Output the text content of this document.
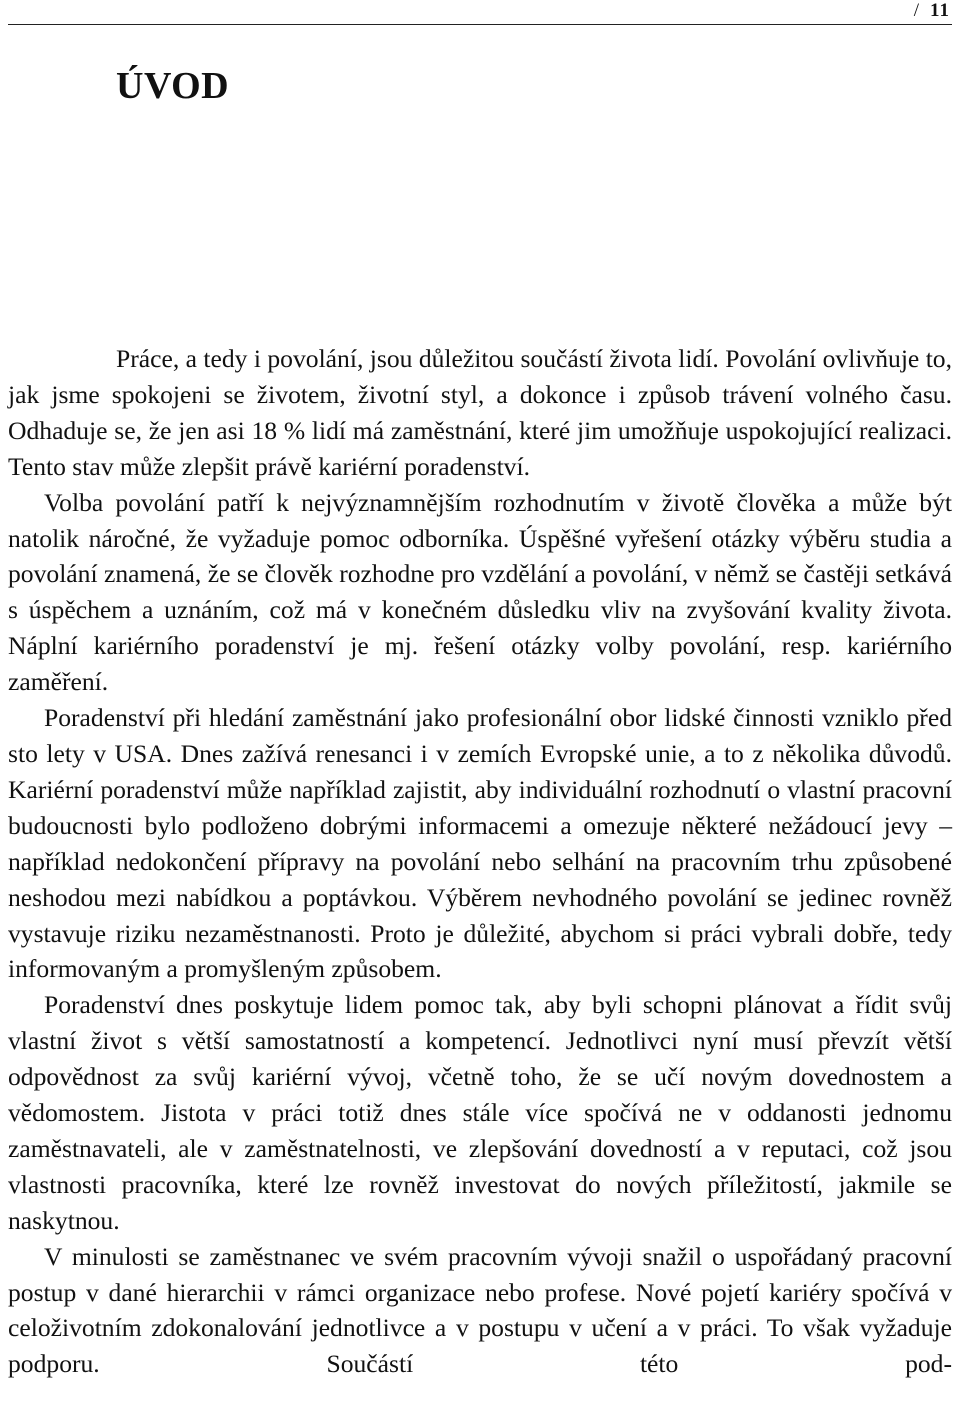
/ 11
ÚVOD

Práce, a tedy i povolání, jsou důležitou součástí života lidí. Povolání ovlivňuje to, jak jsme spokojeni se životem, životní styl, a dokonce i způsob trávení volného času. Odhaduje se, že jen asi 18 % lidí má zaměstnání, které jim umožňuje uspokojující realizaci. Tento stav může zlepšit právě kariérní poradenství.

Volba povolání patří k nejvýznamnějším rozhodnutím v životě člověka a může být natolik náročné, že vyžaduje pomoc odborníka. Úspěšné vyřešení otázky výběru studia a povolání znamená, že se člověk rozhodne pro vzdělání a povolání, v němž se častěji setkává s úspěchem a uznáním, což má v konečném důsledku vliv na zvyšování kvality života. Náplní kariérního poradenství je mj. řešení otázky volby povolání, resp. kariérního zaměření.

Poradenství při hledání zaměstnání jako profesionální obor lidské činnosti vzniklo před sto lety v USA. Dnes zažívá renesanci i v zemích Evropské unie, a to z několika důvodů. Kariérní poradenství může například zajistit, aby individuální rozhodnutí o vlastní pracovní budoucnosti bylo podloženo dobrými informacemi a omezuje některé nežádoucí jevy – například nedokončení přípravy na povolání nebo selhání na pracovním trhu způsobené neshodou mezi nabídkou a poptávkou. Výběrem nevhodného povolání se jedinec rovněž vystavuje riziku nezaměstnanosti. Proto je důležité, abychom si práci vybrali dobře, tedy informovaným a promyšleným způsobem.

Poradenství dnes poskytuje lidem pomoc tak, aby byli schopni plánovat a řídit svůj vlastní život s větší samostatností a kompetencí. Jednotlivci nyní musí převzít větší odpovědnost za svůj kariérní vývoj, včetně toho, že se učí novým dovednostem a vědomostem. Jistota v práci totiž dnes stále více spočívá ne v oddanosti jednomu zaměstnavateli, ale v zaměstnatelnosti, ve zlepšování dovedností a v reputaci, což jsou vlastnosti pracovníka, které lze rovněž investovat do nových příležitostí, jakmile se naskytnou.

V minulosti se zaměstnanec ve svém pracovním vývoji snažil o uspořádaný pracovní postup v dané hierarchii v rámci organizace nebo profese. Nové pojetí kariéry spočívá v celoživotním zdokonalování jednotlivce a v postupu v učení a v práci. To však vyžaduje podporu. Součástí této pod-
